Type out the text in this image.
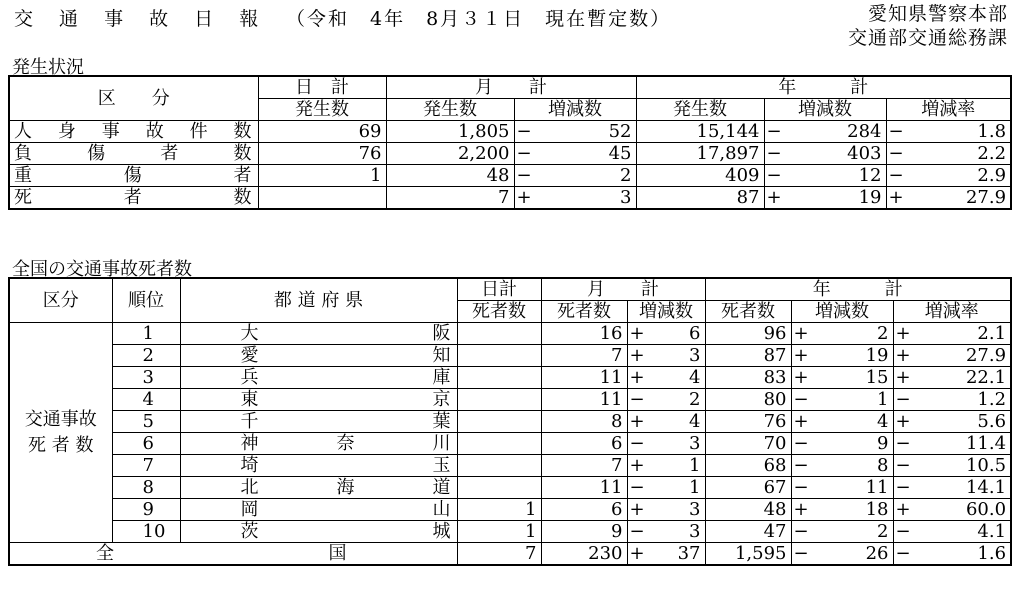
交 通 事 故 日 報 （令和　4年　8月３１日　現在暫定数）	愛知県警察本部
交通部交通総務課
発生状況
区　　分	日　計	月　　計			年　　　計				
	発生数	発生数	増減数		発生数	増減数		増減率	
人身事故件数	69	1,805	−	52	15,144	−	284	−	1.8
負傷者数	76	2,200	−	45	17,897	−	403	−	2.2
重傷者	1	48	−	2	409	−	12	−	2.9
死者数		7	+	3	87	+	19	+	27.9
全国の交通事故死者数
区分	順位	都 道 府 県	日計	月　　計			年　　　計				
			死者数	死者数	増減数		死者数	増減数		増減率	
交通事故 死 者 数	1	大阪		16	+	6	96	+	2	+	2.1
	2	愛知		7	+	3	87	+	19	+	27.9
	3	兵庫		11	+	4	83	+	15	+	22.1
	4	東京		11	−	2	80	−	1	−	1.2
	5	千葉		8	+	4	76	+	4	+	5.6
	6	神奈川		6	−	3	70	−	9	−	11.4
	7	埼玉		7	+	1	68	−	8	−	10.5
	8	北海道		11	−	1	67	−	11	−	14.1
	9	岡山	1	6	+	3	48	+	18	+	60.0
	10	茨城	1	9	−	3	47	−	2	−	4.1
全国			7	230	+	37	1,595	−	26	−	1.6
